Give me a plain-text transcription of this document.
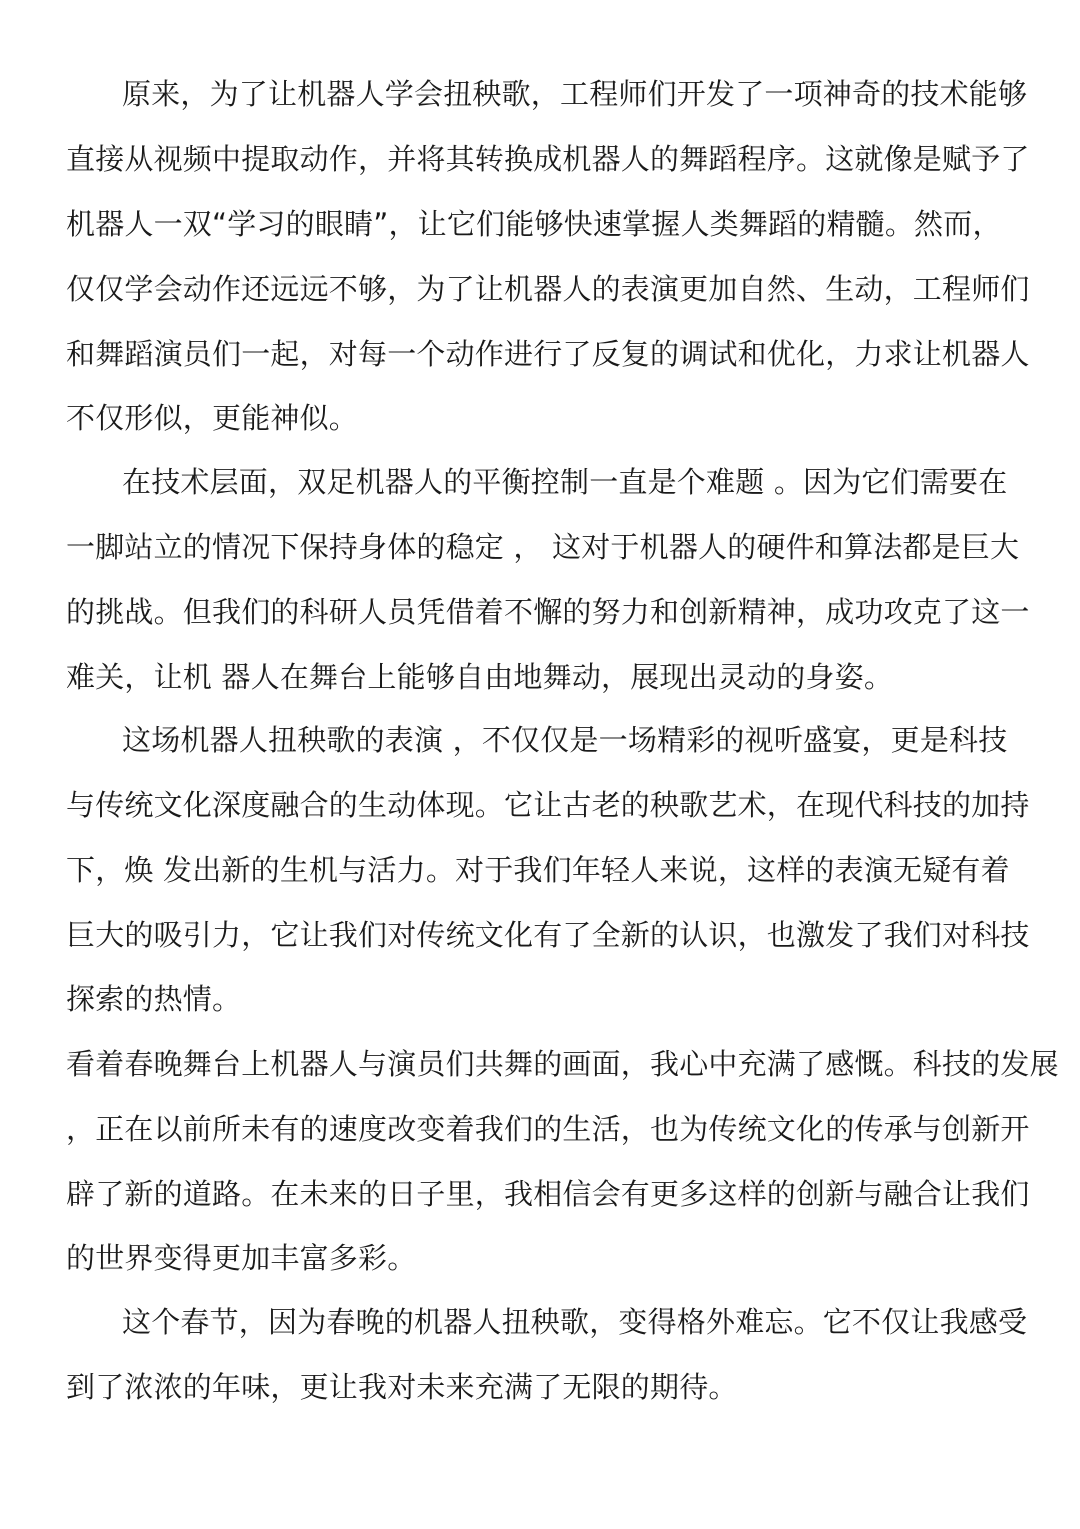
原来，为了让机器人学会扭秧歌，工程师们开发了一项神奇的技术能够
直接从视频中提取动作，并将其转换成机器人的舞蹈程序。这就像是赋予了
机器人一双“学习的眼睛”，让它们能够快速掌握人类舞蹈的精髓。然而，
仅仅学会动作还远远不够，为了让机器人的表演更加自然、生动，工程师们
和舞蹈演员们一起，对每一个动作进行了反复的调试和优化，力求让机器人
不仅形似，更能神似。
在技术层面，双足机器人的平衡控制一直是个难题 。因为它们需要在
一脚站立的情况下保持身体的稳定 ， 这对于机器人的硬件和算法都是巨大
的挑战。但我们的科研人员凭借着不懈的努力和创新精神，成功攻克了这一
难关，让机 器人在舞台上能够自由地舞动，展现出灵动的身姿。
这场机器人扭秧歌的表演 ，不仅仅是一场精彩的视听盛宴，更是科技
与传统文化深度融合的生动体现。它让古老的秧歌艺术，在现代科技的加持
下，焕 发出新的生机与活力。对于我们年轻人来说，这样的表演无疑有着
巨大的吸引力，它让我们对传统文化有了全新的认识，也激发了我们对科技
探索的热情。
看着春晚舞台上机器人与演员们共舞的画面，我心中充满了感慨。科技的发展
，正在以前所未有的速度改变着我们的生活，也为传统文化的传承与创新开
辟了新的道路。在未来的日子里，我相信会有更多这样的创新与融合让我们
的世界变得更加丰富多彩。
这个春节，因为春晚的机器人扭秧歌，变得格外难忘。它不仅让我感受
到了浓浓的年味，更让我对未来充满了无限的期待。
